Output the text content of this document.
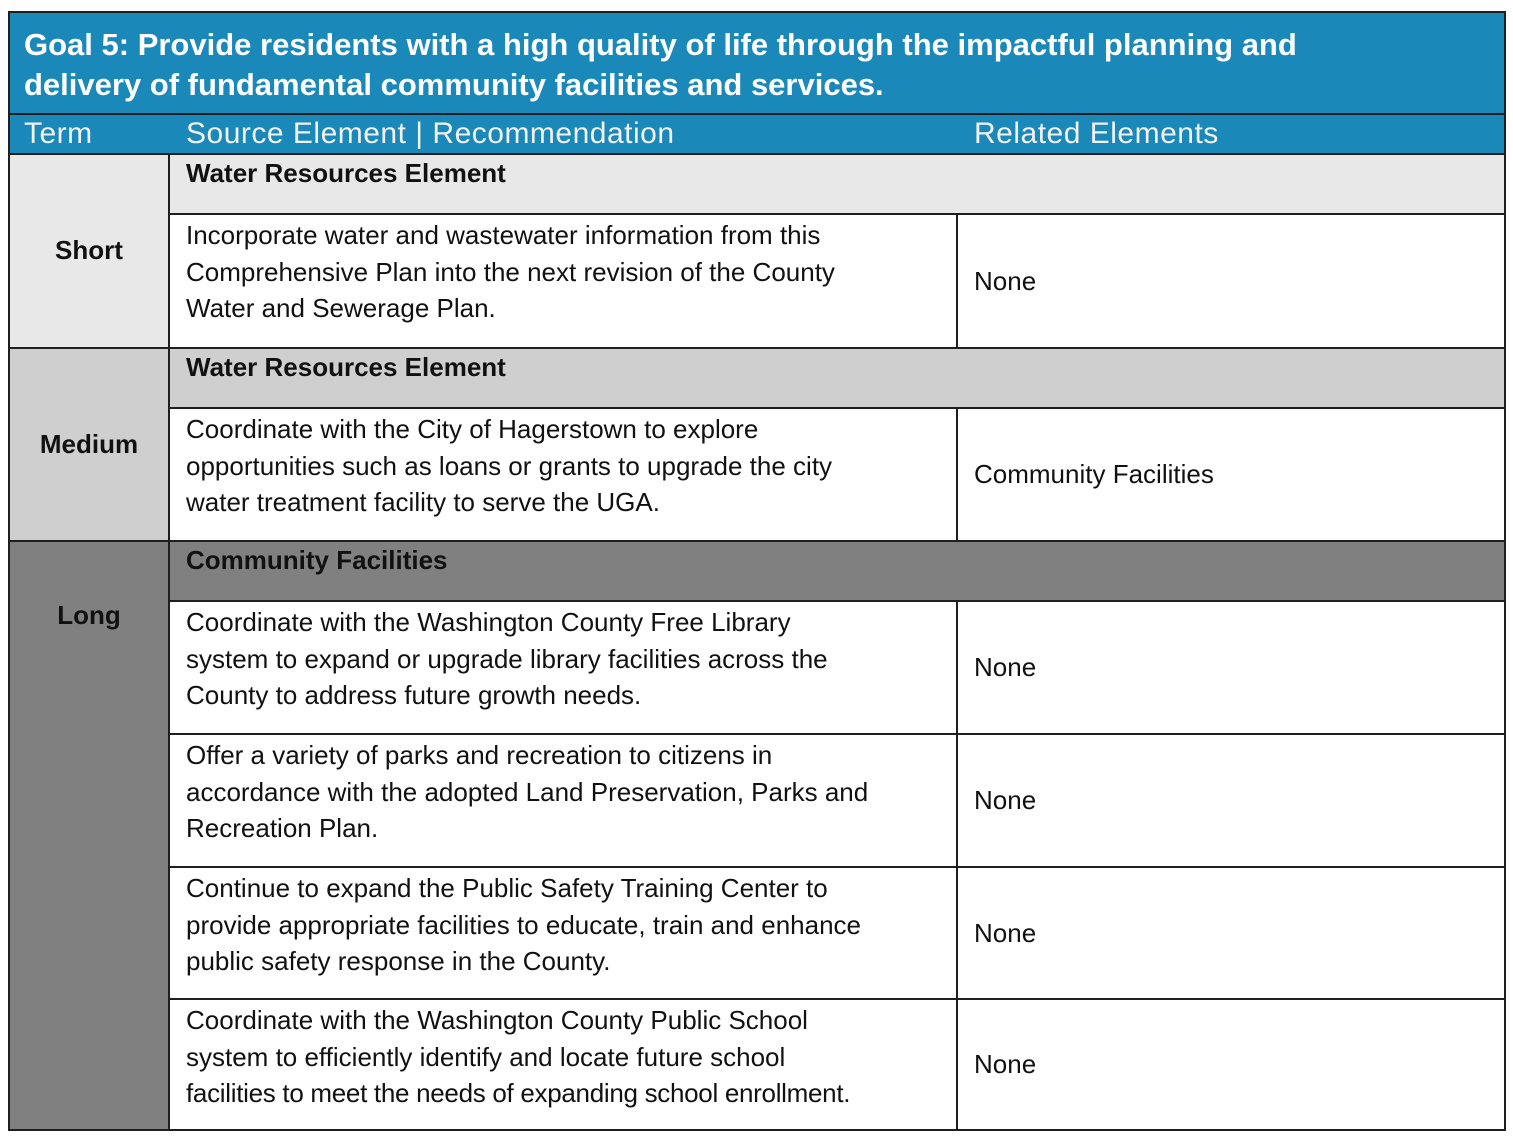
Goal 5: Provide residents with a high quality of life through the impactful planning and
delivery of fundamental community facilities and services.
Term	Source Element | Recommendation	Related Elements
Short
Water Resources Element
Incorporate water and wastewater information from this
Comprehensive Plan into the next revision of the County
Water and Sewerage Plan.
None
Medium
Water Resources Element
Coordinate with the City of Hagerstown to explore
opportunities such as loans or grants to upgrade the city
water treatment facility to serve the UGA.
Community Facilities
Long
Community Facilities
Coordinate with the Washington County Free Library
system to expand or upgrade library facilities across the
County to address future growth needs.
None
Offer a variety of parks and recreation to citizens in
accordance with the adopted Land Preservation, Parks and
Recreation Plan.
None
Continue to expand the Public Safety Training Center to
provide appropriate facilities to educate, train and enhance
public safety response in the County.
None
Coordinate with the Washington County Public School
system to efficiently identify and locate future school
facilities to meet the needs of expanding school enrollment.
None
